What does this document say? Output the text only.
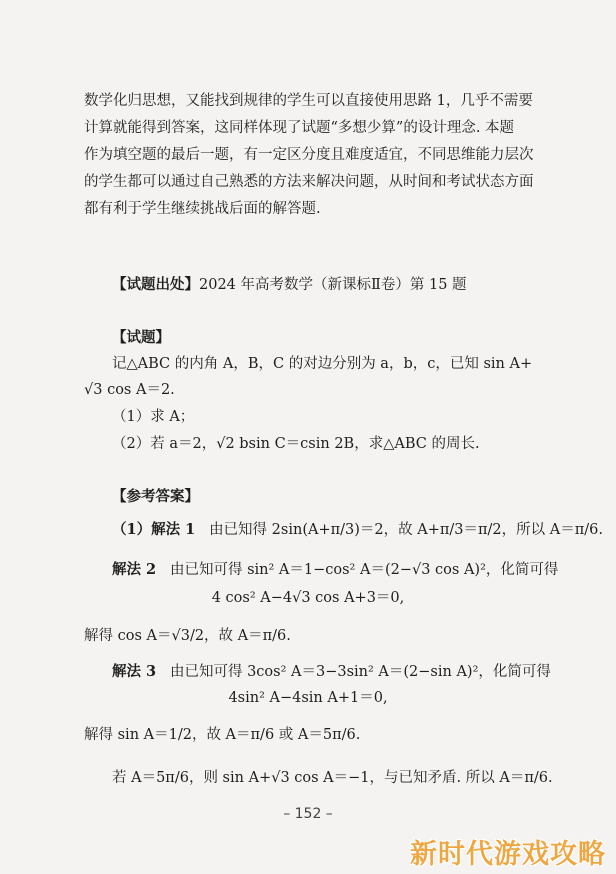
数学化归思想，又能找到规律的学生可以直接使用思路 1，几乎不需要
计算就能得到答案，这同样体现了试题“多想少算”的设计理念. 本题
作为填空题的最后一题，有一定区分度且难度适宜，不同思维能力层次
的学生都可以通过自己熟悉的方法来解决问题，从时间和考试状态方面
都有利于学生继续挑战后面的解答题.
【试题出处】2024 年高考数学（新课标Ⅱ卷）第 15 题
【试题】
记△ABC 的内角 A，B，C 的对边分别为 a，b，c，已知 sin A+
√3 cos A＝2.
（1）求 A；
（2）若 a＝2，√2 bsin C＝csin 2B，求△ABC 的周长.
【参考答案】
（1）解法 1 由已知得 2sin(A+π/3)＝2，故 A+π/3＝π/2，所以 A＝π/6.
解法 2 由已知可得 sin² A＝1−cos² A＝(2−√3 cos A)²，化简可得
4 cos² A−4√3 cos A+3＝0,
解得 cos A＝√3/2，故 A＝π/6.
解法 3 由已知可得 3cos² A＝3−3sin² A＝(2−sin A)²，化简可得
4sin² A−4sin A+1＝0,
解得 sin A＝1/2，故 A＝π/6 或 A＝5π/6.
若 A＝5π/6，则 sin A+√3 cos A＝−1，与已知矛盾. 所以 A＝π/6.
– 152 –
新时代游戏攻略
